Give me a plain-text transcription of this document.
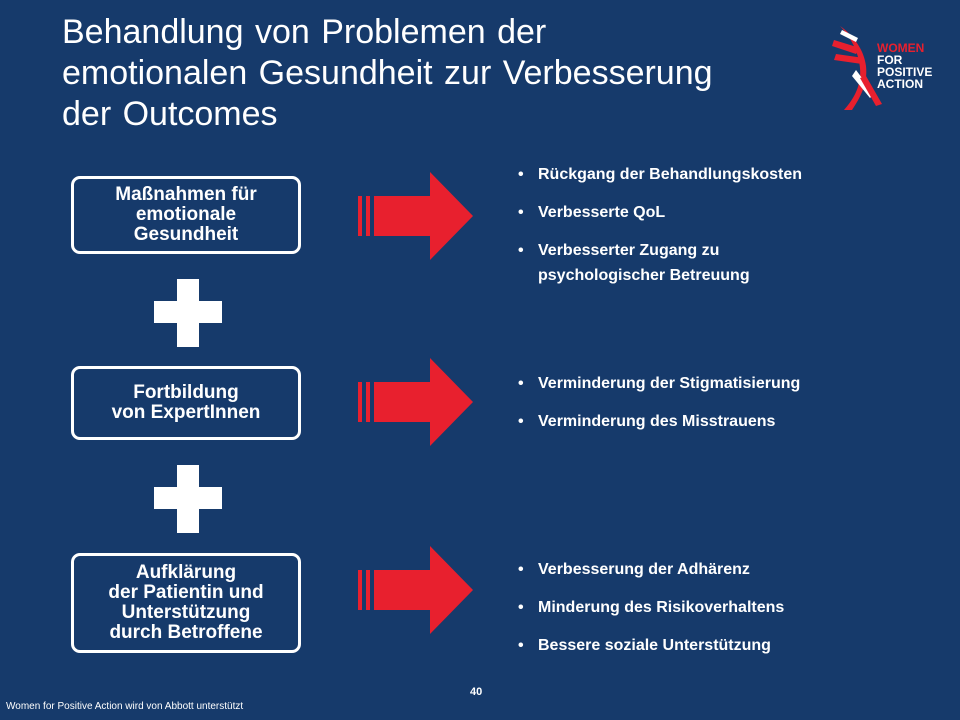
Behandlung von Problemen der
emotionalen Gesundheit zur Verbesserung
der Outcomes
WOMEN
FOR
POSITIVE
ACTION
Maßnahmen für
emotionale
Gesundheit
• Rückgang der Behandlungskosten
• Verbesserte QoL
• Verbesserter Zugang zu psychologischer Betreuung
Fortbildung
von ExpertInnen
• Verminderung der Stigmatisierung
• Verminderung des Misstrauens
Aufklärung
der Patientin und
Unterstützung
durch Betroffene
• Verbesserung der Adhärenz
• Minderung des Risikoverhaltens
• Bessere soziale Unterstützung
40
Women for Positive Action wird von Abbott unterstützt
